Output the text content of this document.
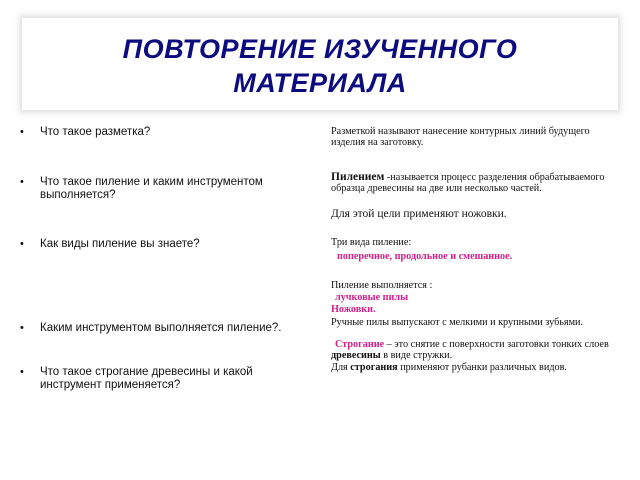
ПОВТОРЕНИЕ ИЗУЧЕННОГО
МАТЕРИАЛА
• Что такое разметка?
• Что такое пиление и каким инструментом выполняется?
• Как виды пиление вы знаете?
• Каким инструментом выполняется пиление?.
• Что такое строгание древесины и какой инструмент применяется?
Разметкой называют нанесение контурных линий будущего изделия на заготовку.
Пилением -называется процесс разделения обрабатываемого образца древесины на две или несколько частей.
Для этой цели применяют ножовки.
Три вида пиление:
поперечное, продольное и смешанное.
Пиление выполняется :
лучковые пилы
Ножовки.
Ручные пилы выпускают с мелкими и крупными зубьями.
Строгание – это снятие с поверхности заготовки тонких слоев древесины в виде стружки.
Для строгания применяют рубанки различных видов.
